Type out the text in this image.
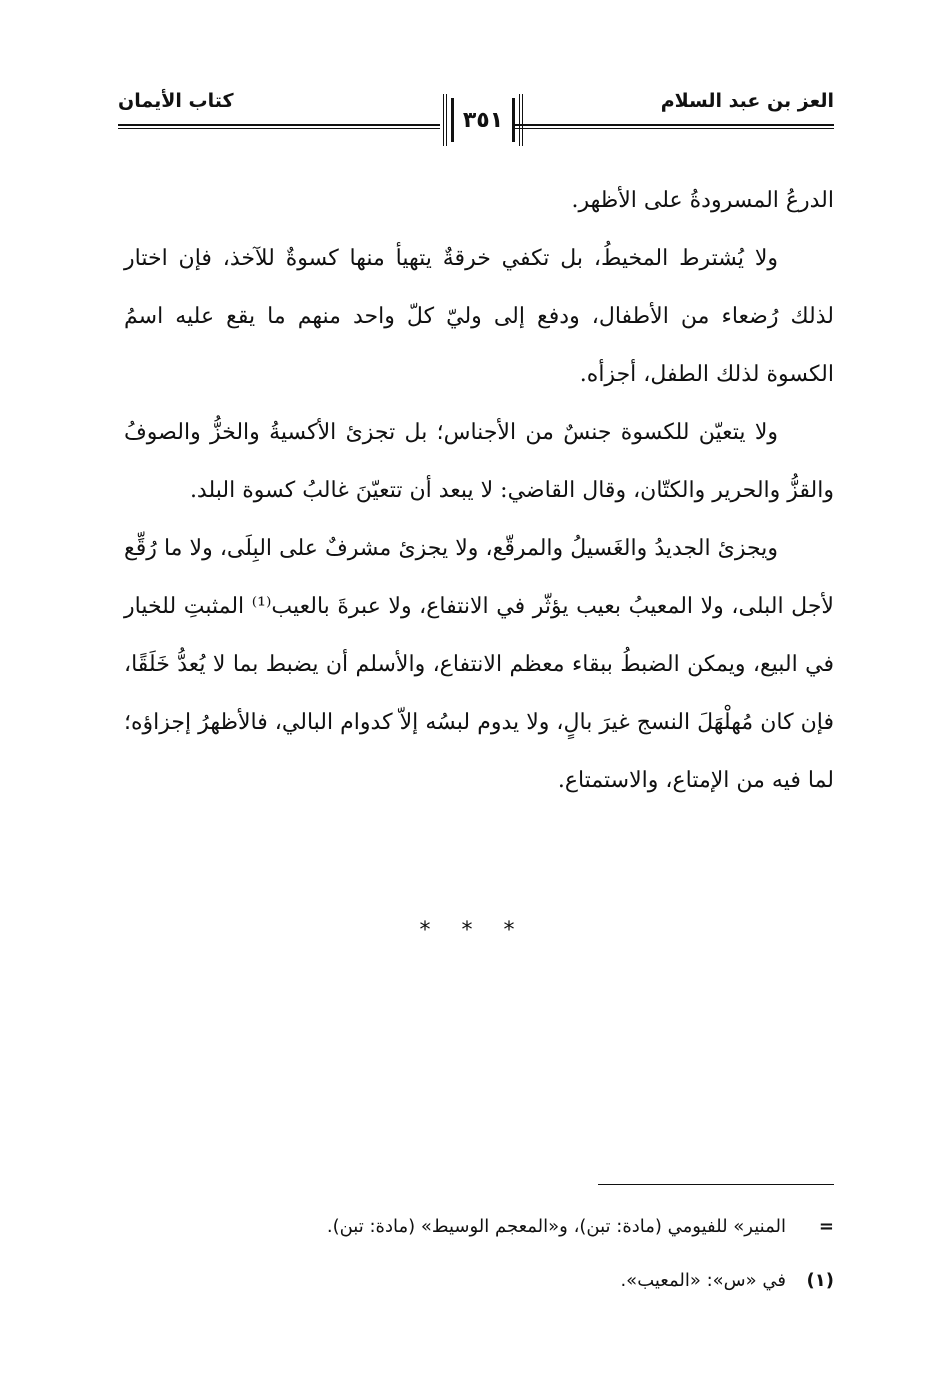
العز بن عبد السلام
كتاب الأيمان
٣٥١

الدرعُ المسرودةُ على الأظهر.

ولا يُشترط المخيطُ، بل تكفي خرقةٌ يتهيأ منها كسوةٌ للآخذ، فإن اختار لذلك رُضعاء من الأطفال، ودفع إلى وليّ كلّ واحد منهم ما يقع عليه اسمُ الكسوة لذلك الطفل، أجزأه.

ولا يتعيّن للكسوة جنسٌ من الأجناس؛ بل تجزئ الأكسيةُ والخزُّ والصوفُ والقزُّ والحرير والكتّان، وقال القاضي: لا يبعد أن تتعيّنَ غالبُ كسوة البلد.

ويجزئ الجديدُ والغَسيلُ والمرقّع، ولا يجزئ مشرفٌ على البِلَى، ولا ما رُقِّع لأجل البلى، ولا المعيبُ بعيب يؤثّر في الانتفاع، ولا عبرةَ بالعيب⁽¹⁾ المثبتِ للخيار في البيع، ويمكن الضبطُ ببقاء معظم الانتفاع، والأسلم أن يضبط بما لا يُعدُّ خَلَقًا، فإن كان مُهلْهَلَ النسج غيرَ بالٍ، ولا يدوم لبسُه إلاّ كدوام البالي، فالأظهرُ إجزاؤه؛ لما فيه من الإمتاع، والاستمتاع.

* * *
=
المنير» للفيومي (مادة: تبن)، و«المعجم الوسيط» (مادة: تبن).
(١)
في «س»: «المعيب».
